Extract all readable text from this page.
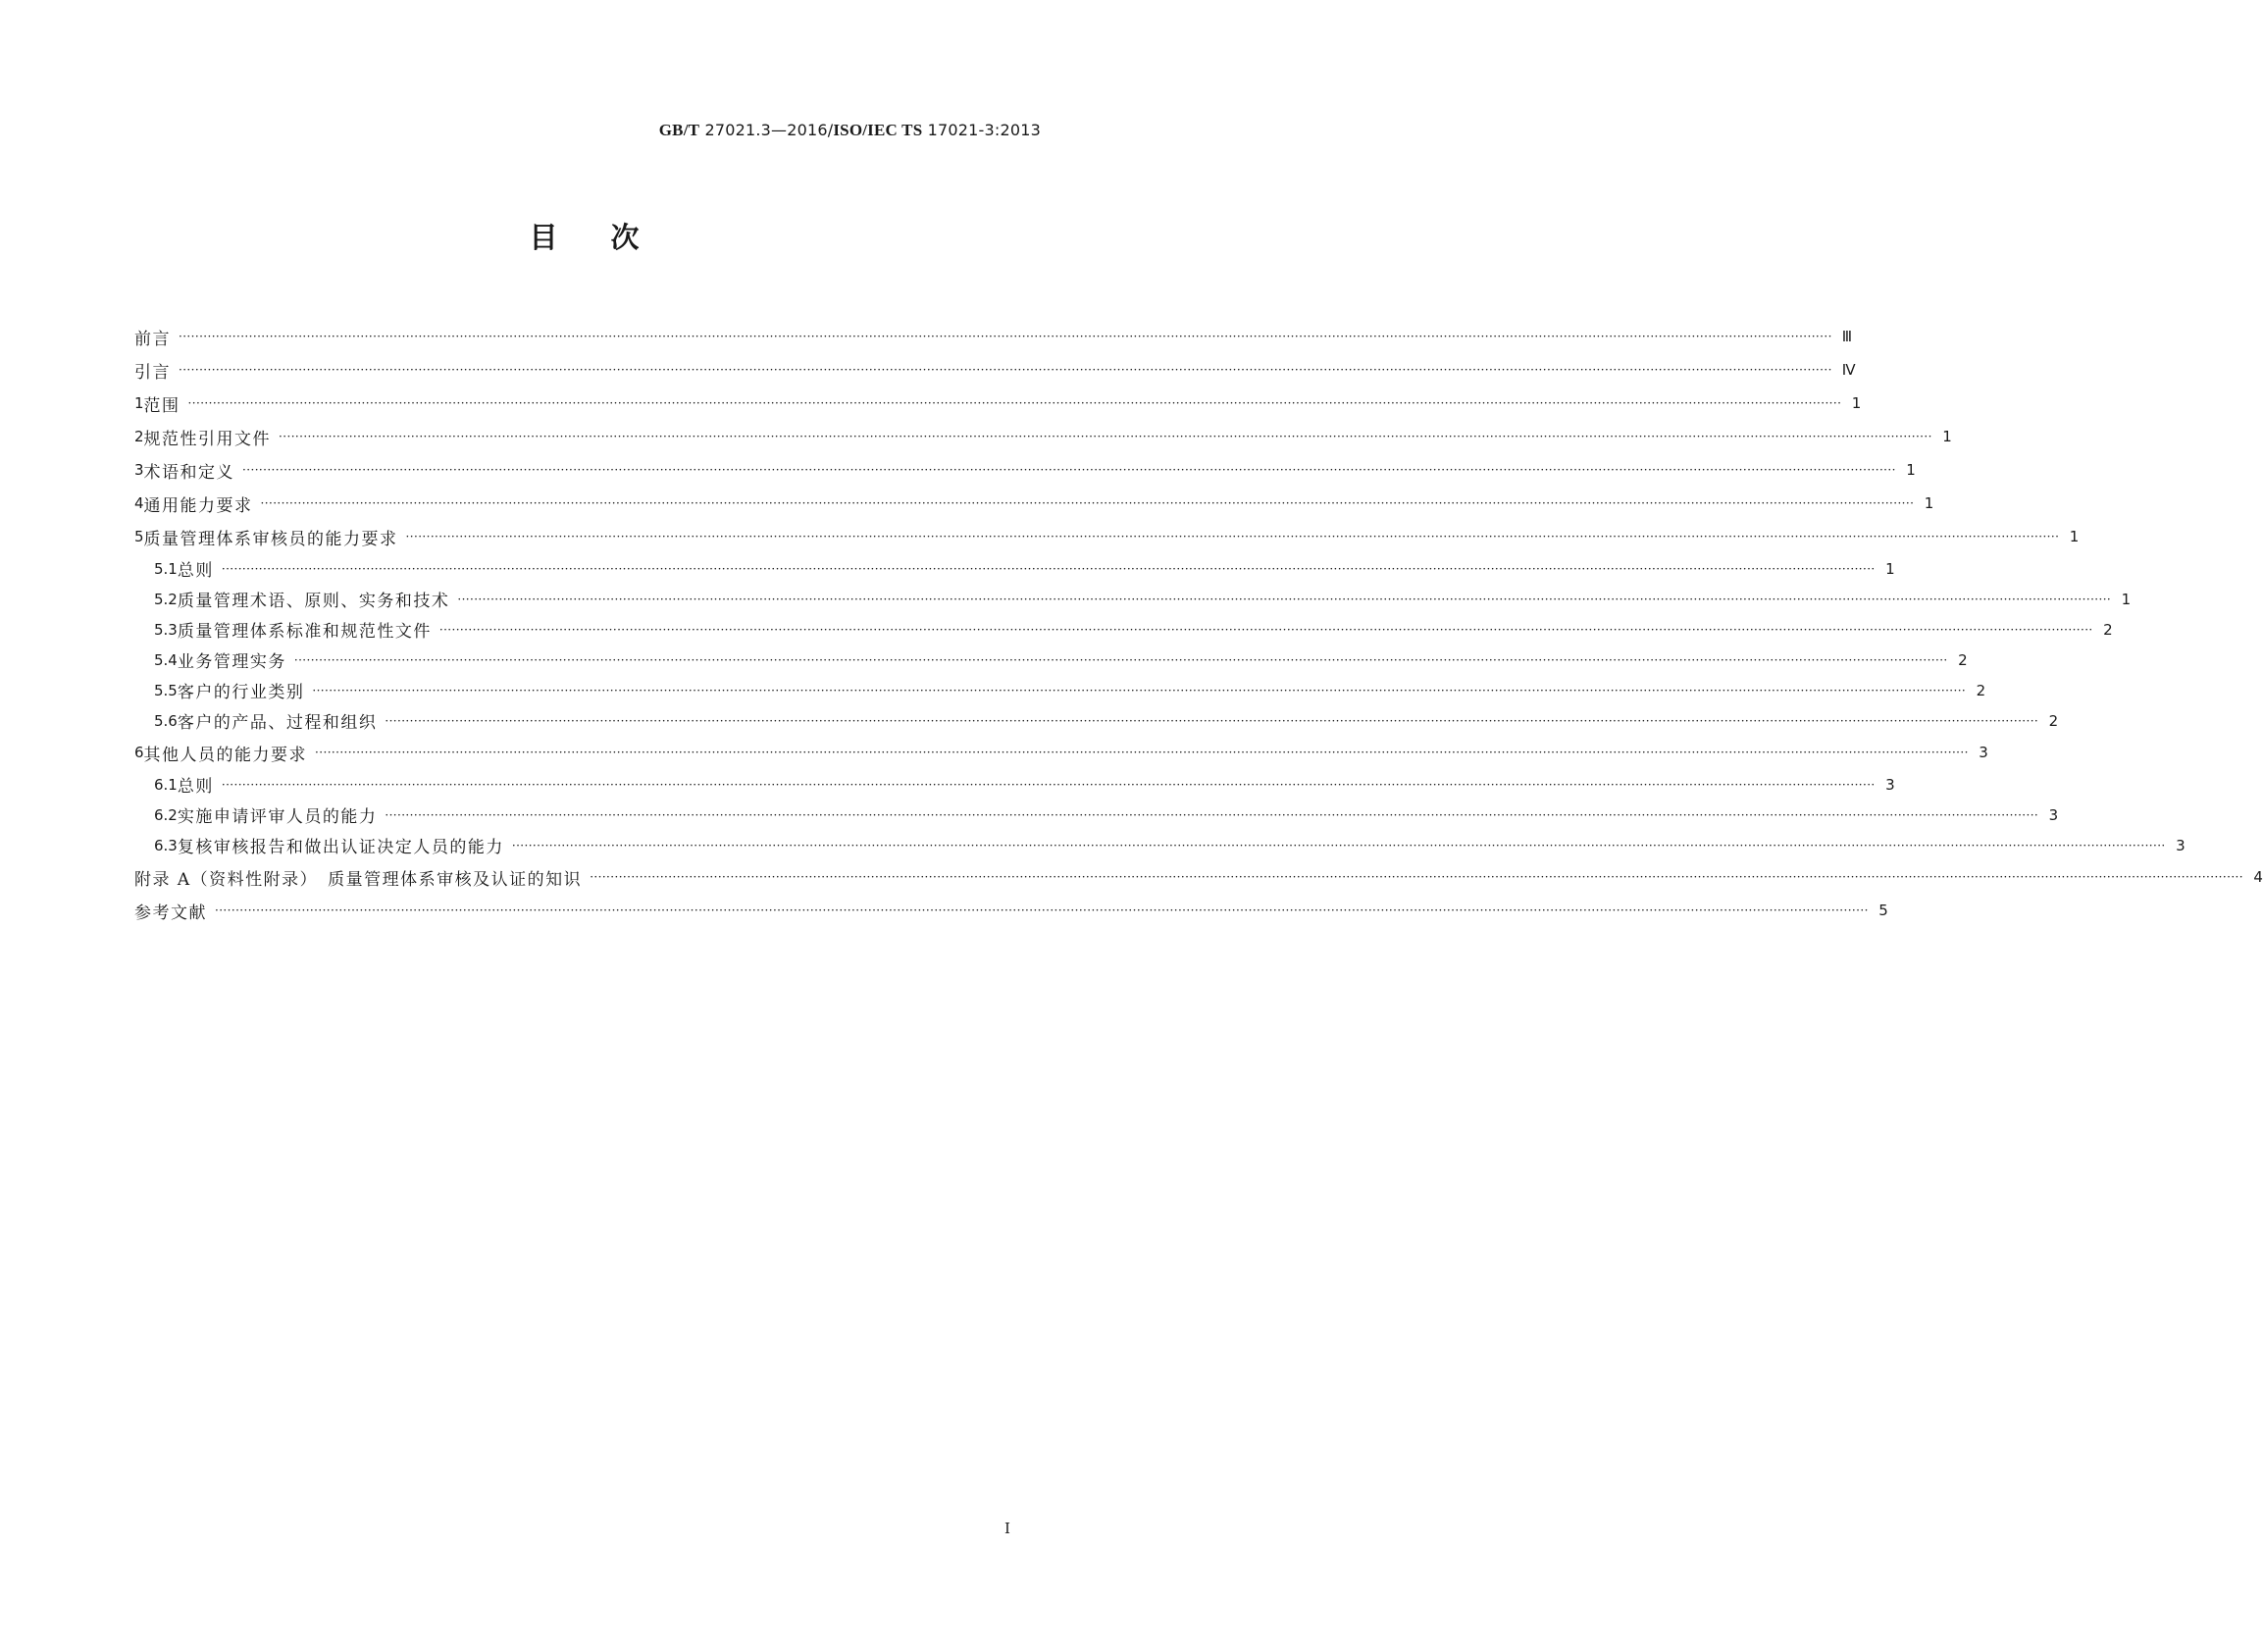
GB/T 27021.3—2016/ISO/IEC TS 17021-3:2013
目次
前言 ················································································································································································································································································································································································································ Ⅲ
引言 ················································································································································································································································································································································································································ Ⅳ
1 范围 ················································································································································································································································································································································································································ 1
2 规范性引用文件 ················································································································································································································································································································································································································ 1
3 术语和定义 ················································································································································································································································································································································································································ 1
4 通用能力要求 ················································································································································································································································································································································································································ 1
5 质量管理体系审核员的能力要求 ················································································································································································································································································································································································································ 1
5.1 总则 ················································································································································································································································································································································································································ 1
5.2 质量管理术语、原则、实务和技术 ················································································································································································································································································································································································································ 1
5.3 质量管理体系标准和规范性文件 ················································································································································································································································································································································································································ 2
5.4 业务管理实务 ················································································································································································································································································································································································································ 2
5.5 客户的行业类别 ················································································································································································································································································································································································································ 2
5.6 客户的产品、过程和组织 ················································································································································································································································································································································································································ 2
6 其他人员的能力要求 ················································································································································································································································································································································································································ 3
6.1 总则 ················································································································································································································································································································································································································ 3
6.2 实施申请评审人员的能力 ················································································································································································································································································································································································································ 3
6.3 复核审核报告和做出认证决定人员的能力 ················································································································································································································································································································································································································ 3
附录 A（资料性附录）　质量管理体系审核及认证的知识 ················································································································································································································································································································································································································ 4
参考文献 ················································································································································································································································································································································································································ 5
I
